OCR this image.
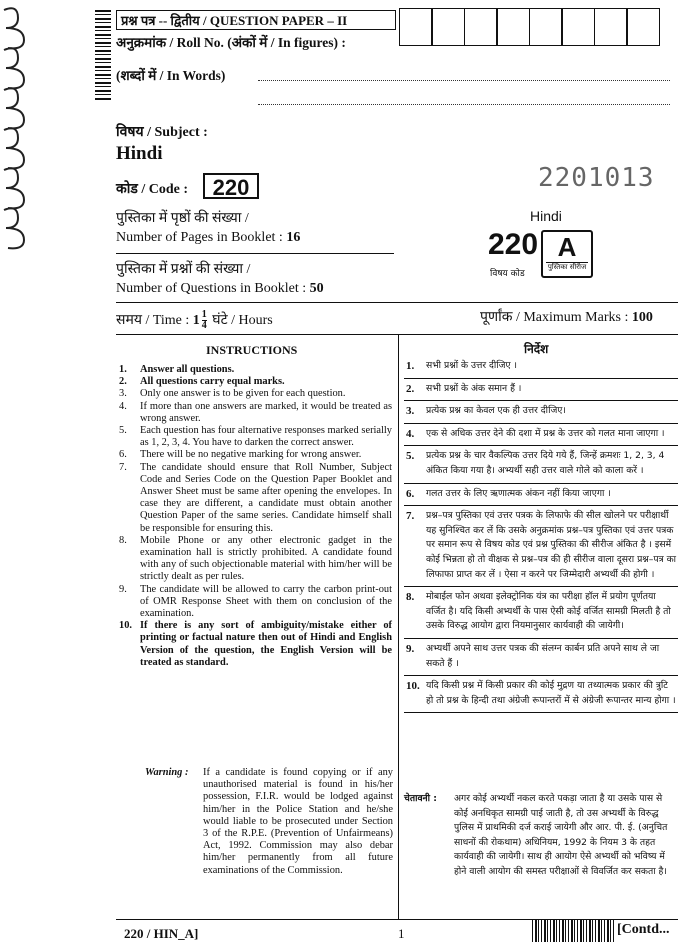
प्रश्न पत्र -- द्वितीय / QUESTION PAPER – II
अनुक्रमांक / Roll No. (अंकों में / In figures) :
(शब्दों में / In Words)
विषय / Subject :
Hindi
कोड / Code :	220	2201013
पुस्तिका में पृष्ठों की संख्या /
Number of Pages in Booklet : 16
पुस्तिका में प्रश्नों की संख्या /
Number of Questions in Booklet : 50
Hindi
220
विषय कोड
A
पुस्तिका सीरीज
समय / Time : $1 \frac{1}{4}$ घंटे / Hours	पूर्णांक / Maximum Marks : 100
INSTRUCTIONS
1. Answer all questions.
2. All questions carry equal marks.
3. Only one answer is to be given for each question.
4. If more than one answers are marked, it would be treated as wrong answer.
5. Each question has four alternative responses marked serially as 1, 2, 3, 4. You have to darken the correct answer.
6. There will be no negative marking for wrong answer.
7. The candidate should ensure that Roll Number, Subject Code and Series Code on the Question Paper Booklet and Answer Sheet must be same after opening the envelopes. In case they are different, a candidate must obtain another Question Paper of the same series. Candidate himself shall be responsible for ensuring this.
8. Mobile Phone or any other electronic gadget in the examination hall is strictly prohibited. A candidate found with any of such objectionable material with him/her will be strictly dealt as per rules.
9. The candidate will be allowed to carry the carbon print-out of OMR Response Sheet with them on conclusion of the examination.
10. If there is any sort of ambiguity/mistake either of printing or factual nature then out of Hindi and English Version of the question, the English Version will be treated as standard.
Warning : If a candidate is found copying or if any unauthorised material is found in his/her possession, F.I.R. would be lodged against him/her in the Police Station and he/she would liable to be prosecuted under Section 3 of the R.P.E. (Prevention of Unfairmeans) Act, 1992. Commission may also debar him/her permanently from all future examinations of the Commission.
निर्देश
1. सभी प्रश्नों के उत्तर दीजिए ।
2. सभी प्रश्नों के अंक समान हैं ।
3. प्रत्येक प्रश्न का केवल एक ही उत्तर दीजिए।
4. एक से अधिक उत्तर देने की दशा में प्रश्न के उत्तर को गलत माना जाएगा ।
5. प्रत्येक प्रश्न के चार वैकल्पिक उत्तर दिये गये हैं, जिन्हें क्रमशः 1, 2, 3, 4 अंकित किया गया है। अभ्यर्थी सही उत्तर वाले गोले को काला करें ।
6. गलत उत्तर के लिए ऋणात्मक अंकन नहीं किया जाएगा ।
7. प्रश्न–पत्र पुस्तिका एवं उत्तर पत्रक के लिफाफे की सील खोलने पर परीक्षार्थी यह सुनिश्चित कर लें कि उसके अनुक्रमांक प्रश्न–पत्र पुस्तिका एवं उत्तर पत्रक पर समान रूप से विषय कोड एवं प्रश्न पुस्तिका की सीरीज अंकित है । इसमें कोई भिन्नता हो तो वीक्षक से प्रश्न–पत्र की ही सीरीज वाला दूसरा प्रश्न–पत्र का लिफाफा प्राप्त कर लें । ऐसा न करने पर जिम्मेदारी अभ्यर्थी की होगी ।
8. मोबाईल फोन अथवा इलेक्ट्रोनिक यंत्र का परीक्षा हॉल में प्रयोग पूर्णतया वर्जित है। यदि किसी अभ्यर्थी के पास ऐसी कोई वर्जित सामग्री मिलती है तो उसके विरुद्ध आयोग द्वारा नियमानुसार कार्यवाही की जायेगी।
9. अभ्यर्थी अपने साथ उत्तर पत्रक की संलग्न कार्बन प्रति अपने साथ ले जा सकते हैं ।
10. यदि किसी प्रश्न में किसी प्रकार की कोई मुद्रण या तथ्यात्मक प्रकार की त्रुटि हो तो प्रश्न के हिन्दी तथा अंग्रेजी रूपान्तरों में से अंग्रेजी रूपान्तर मान्य होगा ।
चेतावनी : अगर कोई अभ्यर्थी नकल करते पकड़ा जाता है या उसके पास से कोई अनधिकृत सामग्री पाई जाती है, तो उस अभ्यर्थी के विरुद्ध पुलिस में प्राथमिकी दर्ज कराई जायेगी और आर. पी. ई. (अनुचित साधनों की रोकथाम) अधिनियम, 1992 के नियम 3 के तहत कार्यवाही की जायेगी। साथ ही आयोग ऐसे अभ्यर्थी को भविष्य में होने वाली आयोग की समस्त परीक्षाओं से विवर्जित कर सकता है।
220 / HIN_A]	1	[Contd...
